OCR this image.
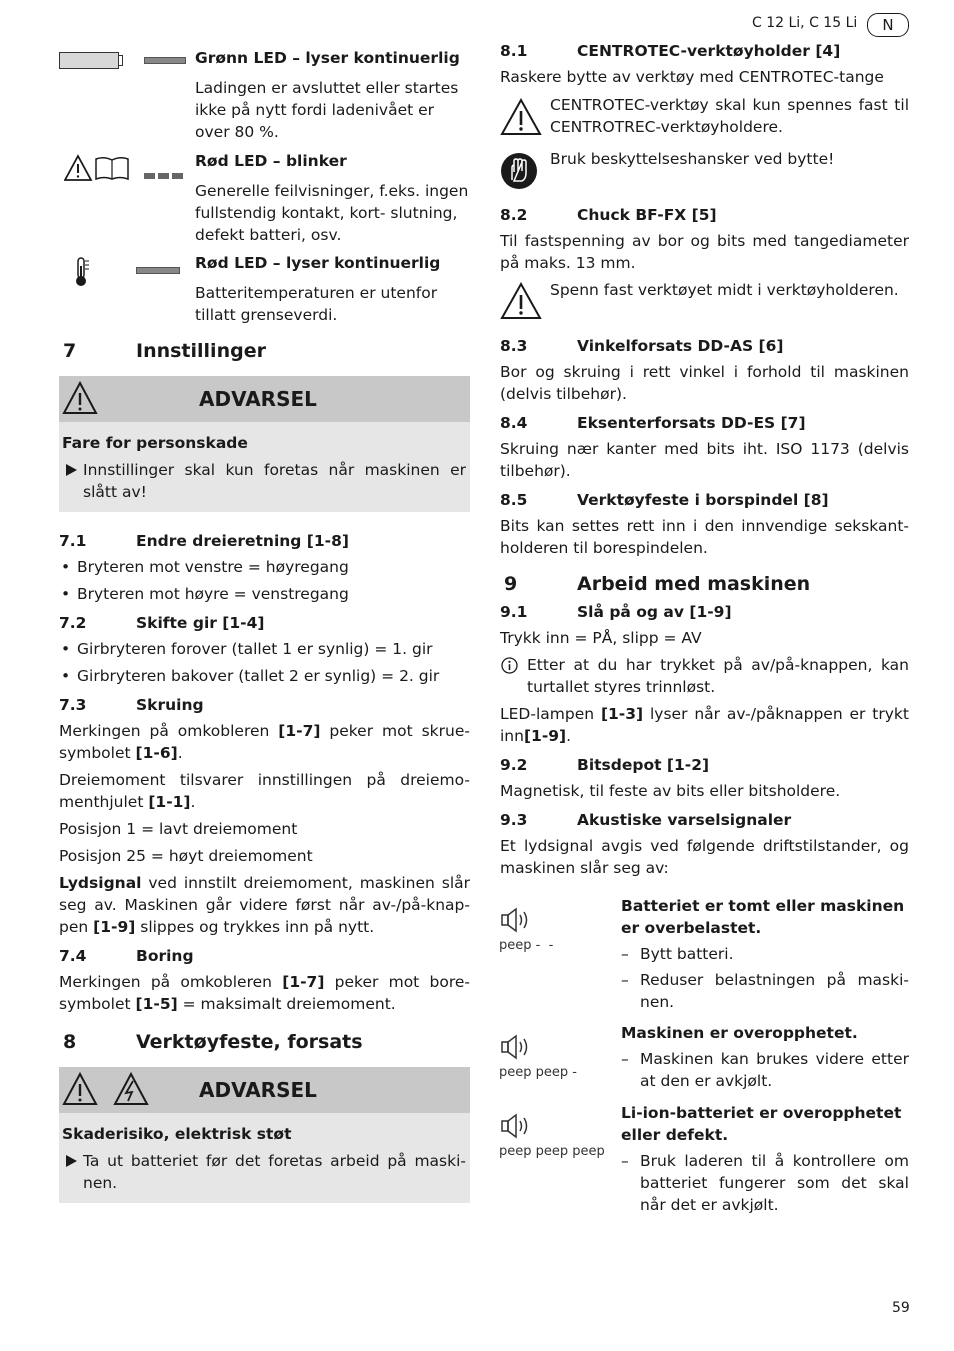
C 12 Li, C 15 Li	N

Grønn LED – lyser kontinuerlig

Ladingen er avsluttet eller startes ikke på nytt fordi ladenivået er over 80 %.

Rød LED – blinker

Generelle feilvisninger, f.eks. ingen fullstendig kontakt, kort- slutning, defekt batteri, osv.

Rød LED – lyser kontinuerlig

Batteritemperaturen er utenfor tillatt grenseverdi.

7	Innstillinger
ADVARSEL

Fare for personskade

Innstillinger skal kun foretas når maskinen er slått av!

7.1	Endre dreieretning [1-8]

• Bryteren mot venstre = høyregang

• Bryteren mot høyre = venstregang

7.2	Skifte gir [1-4]

• Girbryteren forover (tallet 1 er synlig) = 1. gir

• Girbryteren bakover (tallet 2 er synlig) = 2. gir

7.3	Skruing

Merkingen på omkobleren [1-7] peker mot skrue- symbolet [1-6].

Dreiemoment tilsvarer innstillingen på dreiemo- menthjulet [1-1].

Posisjon 1 = lavt dreiemoment

Posisjon 25 = høyt dreiemoment

Lydsignal ved innstilt dreiemoment, maskinen slår seg av. Maskinen går videre først når av-/på-knap- pen [1-9] slippes og trykkes inn på nytt.

7.4	Boring

Merkingen på omkobleren [1-7] peker mot bore- symbolet [1-5] = maksimalt dreiemoment.

8	Verktøyfeste, forsats
ADVARSEL

Skaderisiko, elektrisk støt

Ta ut batteriet før det foretas arbeid på maski- nen.

8.1	CENTROTEC-verktøyholder [4]

Raskere bytte av verktøy med CENTROTEC-tange

CENTROTEC-verktøy skal kun spennes fast til CENTROTREC-verktøyholdere.

Bruk beskyttelseshansker ved bytte!

8.2	Chuck BF-FX [5]

Til fastspenning av bor og bits med tangediameter på maks. 13 mm.

Spenn fast verktøyet midt i verktøyholderen.

8.3	Vinkelforsats DD-AS [6]

Bor og skruing i rett vinkel i forhold til maskinen (delvis tilbehør).

8.4	Eksenterforsats DD-ES [7]

Skruing nær kanter med bits iht. ISO 1173 (delvis tilbehør).

8.5	Verktøyfeste i borspindel [8]

Bits kan settes rett inn i den innvendige sekskant- holderen til borespindelen.

9	Arbeid med maskinen

9.1	Slå på og av [1-9]

Trykk inn = PÅ, slipp = AV

Etter at du har trykket på av/på-knappen, kan turtallet styres trinnløst.

LED-lampen [1-3] lyser når av-/påknappen er trykt inn[1-9].

9.2	Bitsdepot [1-2]

Magnetisk, til feste av bits eller bitsholdere.

9.3	Akustiske varselsignaler

Et lydsignal avgis ved følgende driftstilstander, og maskinen slår seg av:

peep -  -

Batteriet er tomt eller maskinen er overbelastet.

– Bytt batteri.

– Reduser belastningen på maski- nen.

peep peep -

Maskinen er overopphetet.

– Maskinen kan brukes videre etter at den er avkjølt.

peep peep peep

Li-ion-batteriet er overopphetet eller defekt.

– Bruk laderen til å kontrollere om batteriet fungerer som det skal når det er avkjølt.

59
